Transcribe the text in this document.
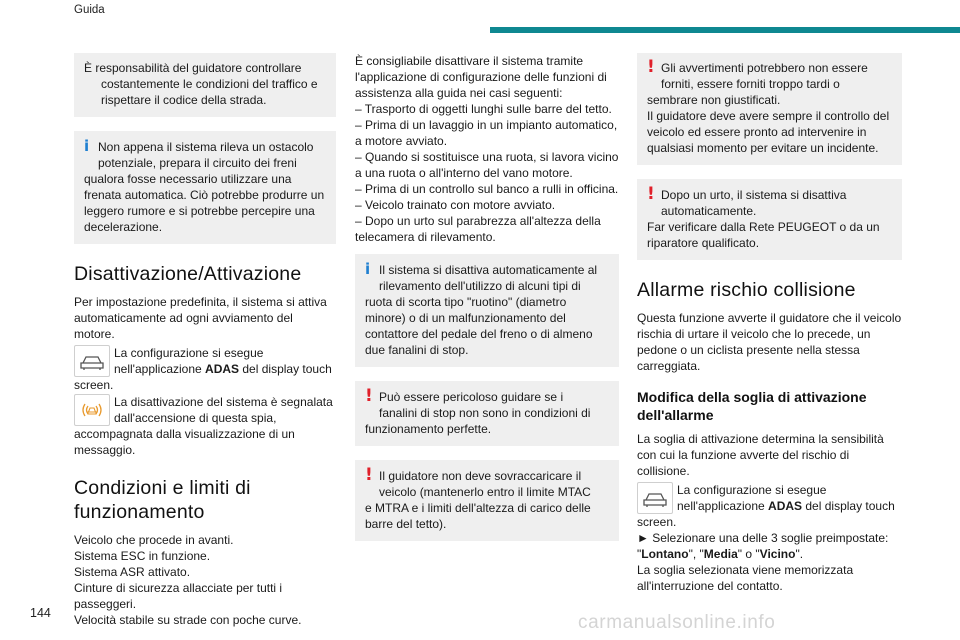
Guida
È responsabilità del guidatore controllare

costantemente le condizioni del traffico e rispettare il codice della strada.
i Non appena il sistema rileva un ostacolo
potenziale, prepara il circuito dei freni
qualora fosse necessario utilizzare una frenata automatica. Ciò potrebbe produrre un leggero rumore e si potrebbe percepire una decelerazione.
Disattivazione/Attivazione

Per impostazione predefinita, il sistema si attiva automaticamente ad ogni avviamento del motore.

La configurazione si esegue
nell'applicazione ADAS del display touch

screen.

La disattivazione del sistema è segnalata
dall'accensione di questa spia,

accompagnata dalla visualizzazione di un messaggio.

Condizioni e limiti di funzionamento

Veicolo che procede in avanti.

Sistema ESC in funzione.

Sistema ASR attivato.

Cinture di sicurezza allacciate per tutti i passeggeri.

Velocità stabile su strade con poche curve.

È consigliabile disattivare il sistema tramite l'applicazione di configurazione delle funzioni di assistenza alla guida nei casi seguenti:

– Trasporto di oggetti lunghi sulle barre del tetto.

– Prima di un lavaggio in un impianto automatico, a motore avviato.

– Quando si sostituisce una ruota, si lavora vicino a una ruota o all'interno del vano motore.

– Prima di un controllo sul banco a rulli in officina.

– Veicolo trainato con motore avviato.

– Dopo un urto sul parabrezza all'altezza della telecamera di rilevamento.

i Il sistema si disattiva automaticamente al
rilevamento dell'utilizzo di alcuni tipi di
ruota di scorta tipo "ruotino" (diametro minore) o di un malfunzionamento del contattore del pedale del freno o di almeno due fanalini di stop.
! Può essere pericoloso guidare se i
fanalini di stop non sono in condizioni di
funzionamento perfette.
! Il guidatore non deve sovraccaricare il
veicolo (mantenerlo entro il limite MTAC
e MTRA e i limiti dell'altezza di carico delle barre del tetto).
! Gli avvertimenti potrebbero non essere
forniti, essere forniti troppo tardi o
sembrare non giustificati.
Il guidatore deve avere sempre il controllo del veicolo ed essere pronto ad intervenire in qualsiasi momento per evitare un incidente.
! Dopo un urto, il sistema si disattiva
automaticamente.
Far verificare dalla Rete PEUGEOT o da un riparatore qualificato.
Allarme rischio collisione

Questa funzione avverte il guidatore che il veicolo rischia di urtare il veicolo che lo precede, un pedone o un ciclista presente nella stessa carreggiata.

Modifica della soglia di attivazione dell'allarme

La soglia di attivazione determina la sensibilità con cui la funzione avverte del rischio di collisione.

La configurazione si esegue
nell'applicazione ADAS del display touch

screen.

► Selezionare una delle 3 soglie preimpostate: "Lontano", "Media" o "Vicino".

La soglia selezionata viene memorizzata all'interruzione del contatto.

144	carmanualsonline.info
